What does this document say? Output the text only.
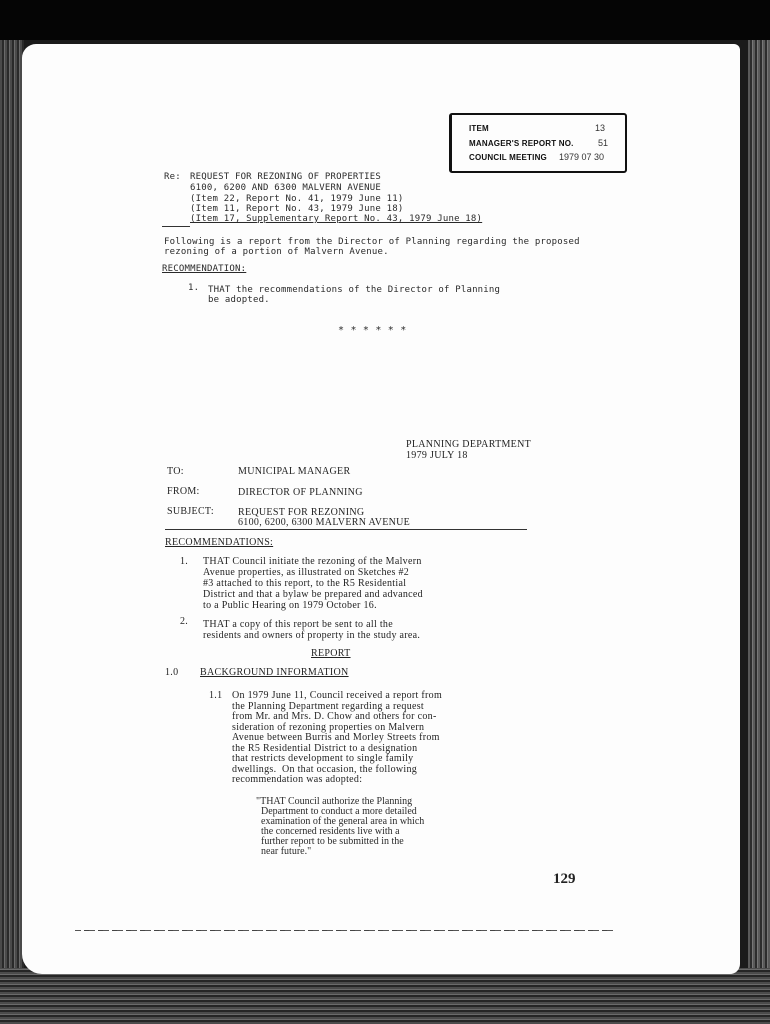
ITEM	13
MANAGER'S REPORT NO.	51
COUNCIL MEETING 1979 07 30
Re: REQUEST FOR REZONING OF PROPERTIES
6100, 6200 AND 6300 MALVERN AVENUE
(Item 22, Report No. 41, 1979 June 11)
(Item 11, Report No. 43, 1979 June 18)
(Item 17, Supplementary Report No. 43, 1979 June 18)
Following is a report from the Director of Planning regarding the proposed
rezoning of a portion of Malvern Avenue.
RECOMMENDATION:
1. THAT the recommendations of the Director of Planning
be adopted.
* * * * * *
PLANNING DEPARTMENT
1979 JULY 18
TO:	MUNICIPAL MANAGER
FROM:	DIRECTOR OF PLANNING
SUBJECT: REQUEST FOR REZONING
6100, 6200, 6300 MALVERN AVENUE
RECOMMENDATIONS:
1. THAT Council initiate the rezoning of the Malvern
Avenue properties, as illustrated on Sketches #2
#3 attached to this report, to the R5 Residential
District and that a bylaw be prepared and advanced
to a Public Hearing on 1979 October 16.
2. THAT a copy of this report be sent to all the
residents and owners of property in the study area.
REPORT
1.0 BACKGROUND INFORMATION
1.1 On 1979 June 11, Council received a report from
the Planning Department regarding a request
from Mr. and Mrs. D. Chow and others for con-
sideration of rezoning properties on Malvern
Avenue between Burris and Morley Streets from
the R5 Residential District to a designation
that restricts development to single family
dwellings.  On that occasion, the following
recommendation was adopted:
"THAT Council authorize the Planning
Department to conduct a more detailed
examination of the general area in which
the concerned residents live with a
further report to be submitted in the
near future."
129
